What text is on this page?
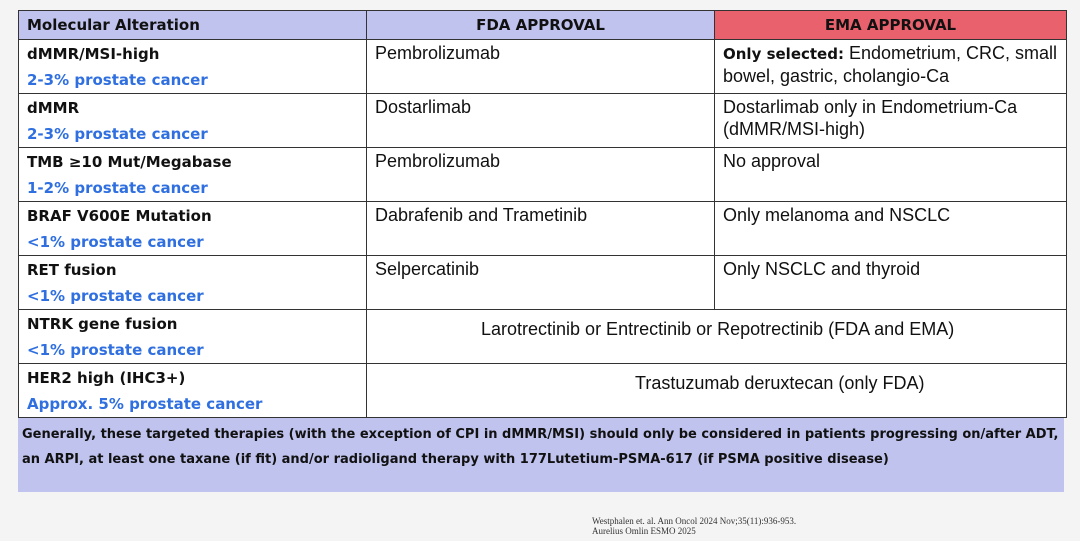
Molecular Alteration	FDA APPROVAL	EMA APPROVAL

dMMR/MSI-high
2-3% prostate cancer	Pembrolizumab	Only selected: Endometrium, CRC, small bowel, gastric, cholangio-Ca

dMMR
2-3% prostate cancer	Dostarlimab	Dostarlimab only in Endometrium-Ca (dMMR/MSI-high)

TMB ≥10 Mut/Megabase
1-2% prostate cancer	Pembrolizumab	No approval

BRAF V600E Mutation
<1% prostate cancer	Dabrafenib and Trametinib	Only melanoma and NSCLC

RET fusion
<1% prostate cancer	Selpercatinib	Only NSCLC and thyroid

NTRK gene fusion
<1% prostate cancer	Larotrectinib or Entrectinib or Repotrectinib (FDA and EMA)	

HER2 high (IHC3+)
Approx. 5% prostate cancer	Trastuzumab deruxtecan (only FDA)	
Generally, these targeted therapies (with the exception of CPI in dMMR/MSI) should only be considered in patients progressing on/after ADT, an ARPI, at least one taxane (if fit) and/or radioligand therapy with 177Lutetium-PSMA-617 (if PSMA positive disease)
Westphalen et. al. Ann Oncol 2024 Nov;35(11):936-953.
Aurelius Omlin ESMO 2025
